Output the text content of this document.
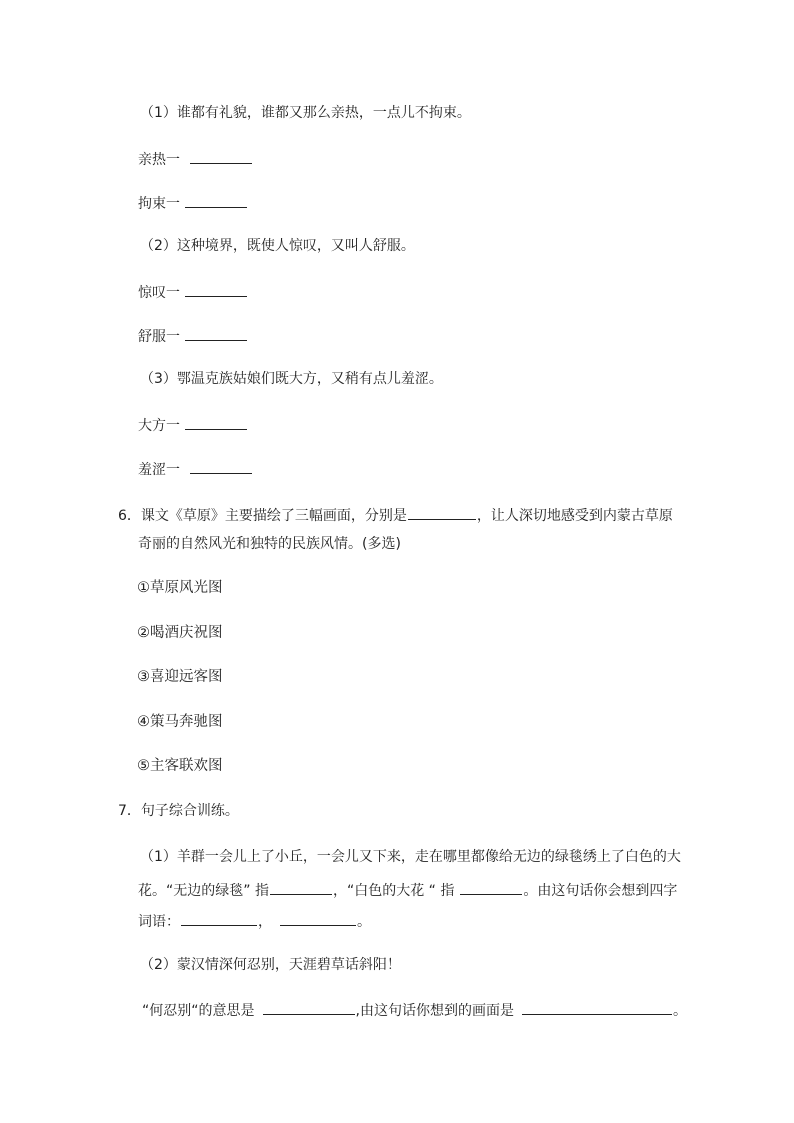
（1）谁都有礼貌，谁都又那么亲热，一点儿不拘束。
亲热一
拘束一
（2）这种境界，既使人惊叹，又叫人舒服。
惊叹一
舒服一
（3）鄂温克族姑娘们既大方，又稍有点儿羞涩。
大方一
羞涩一
6．课文《草原》主要描绘了三幅画面，分别是	，让人深切地感受到内蒙古草原
奇丽的自然风光和独特的民族风情。(多选)
①草原风光图
②喝酒庆祝图
③喜迎远客图
④策马奔驰图
⑤主客联欢图
7．句子综合训练。
（1）羊群一会儿上了小丘，一会儿又下来，走在哪里都像给无边的绿毯绣上了白色的大
花。“无边的绿毯” 指	，“白色的大花 “ 指	。由这句话你会想到四字
词语：	，	。
（2）蒙汉情深何忍别，天涯碧草话斜阳！
“何忍别“的意思是	,由这句话你想到的画面是	。
